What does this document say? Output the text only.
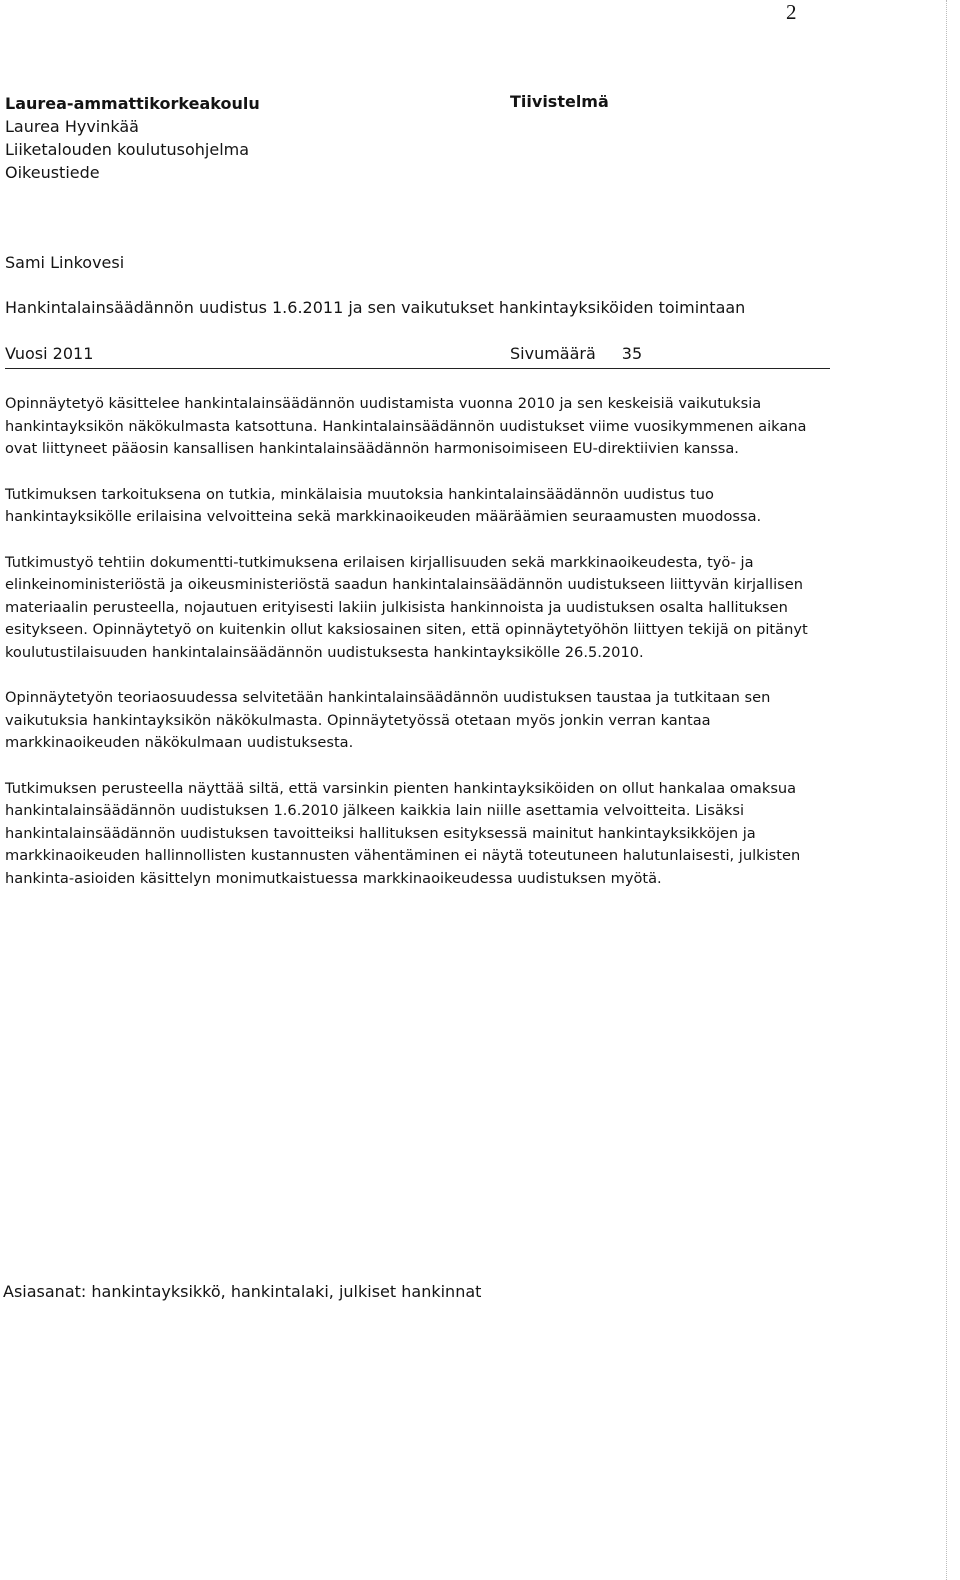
2
Laurea-ammattikorkeakoulu
Laurea Hyvinkää
Liiketalouden koulutusohjelma
Oikeustiede
Tiivistelmä
Sami Linkovesi
Hankintalainsäädännön uudistus 1.6.2011 ja sen vaikutukset hankintayksiköiden toimintaan
Vuosi 2011	Sivumäärä 35

Opinnäytetyö käsittelee hankintalainsäädännön uudistamista vuonna 2010 ja sen keskeisiä vaikutuksia hankintayksikön näkökulmasta katsottuna. Hankintalainsäädännön uudistukset viime vuosikymmenen aikana ovat liittyneet pääosin kansallisen hankintalainsäädännön harmonisoimiseen EU-direktiivien kanssa.

Tutkimuksen tarkoituksena on tutkia, minkälaisia muutoksia hankintalainsäädännön uudistus tuo hankintayksikölle erilaisina velvoitteina sekä markkinaoikeuden määräämien seuraamusten muodossa.

Tutkimustyö tehtiin dokumentti-tutkimuksena erilaisen kirjallisuuden sekä markkinaoikeudesta, työ- ja elinkeinoministeriöstä ja oikeusministeriöstä saadun hankintalainsäädännön uudistukseen liittyvän kirjallisen materiaalin perusteella, nojautuen erityisesti lakiin julkisista hankinnoista ja uudistuksen osalta hallituksen esitykseen. Opinnäytetyö on kuitenkin ollut kaksiosainen siten, että opinnäytetyöhön liittyen tekijä on pitänyt koulutustilaisuuden hankintalainsäädännön uudistuksesta hankintayksikölle 26.5.2010.

Opinnäytetyön teoriaosuudessa selvitetään hankintalainsäädännön uudistuksen taustaa ja tutkitaan sen vaikutuksia hankintayksikön näkökulmasta. Opinnäytetyössä otetaan myös jonkin verran kantaa markkinaoikeuden näkökulmaan uudistuksesta.

Tutkimuksen perusteella näyttää siltä, että varsinkin pienten hankintayksiköiden on ollut hankalaa omaksua hankintalainsäädännön uudistuksen 1.6.2010 jälkeen kaikkia lain niille asettamia velvoitteita. Lisäksi hankintalainsäädännön uudistuksen tavoitteiksi hallituksen esityksessä mainitut hankintayksikköjen ja markkinaoikeuden hallinnollisten kustannusten vähentäminen ei näytä toteutuneen halutunlaisesti, julkisten hankinta-asioiden käsittelyn monimutkaistuessa markkinaoikeudessa uudistuksen myötä.

Asiasanat: hankintayksikkö, hankintalaki, julkiset hankinnat
